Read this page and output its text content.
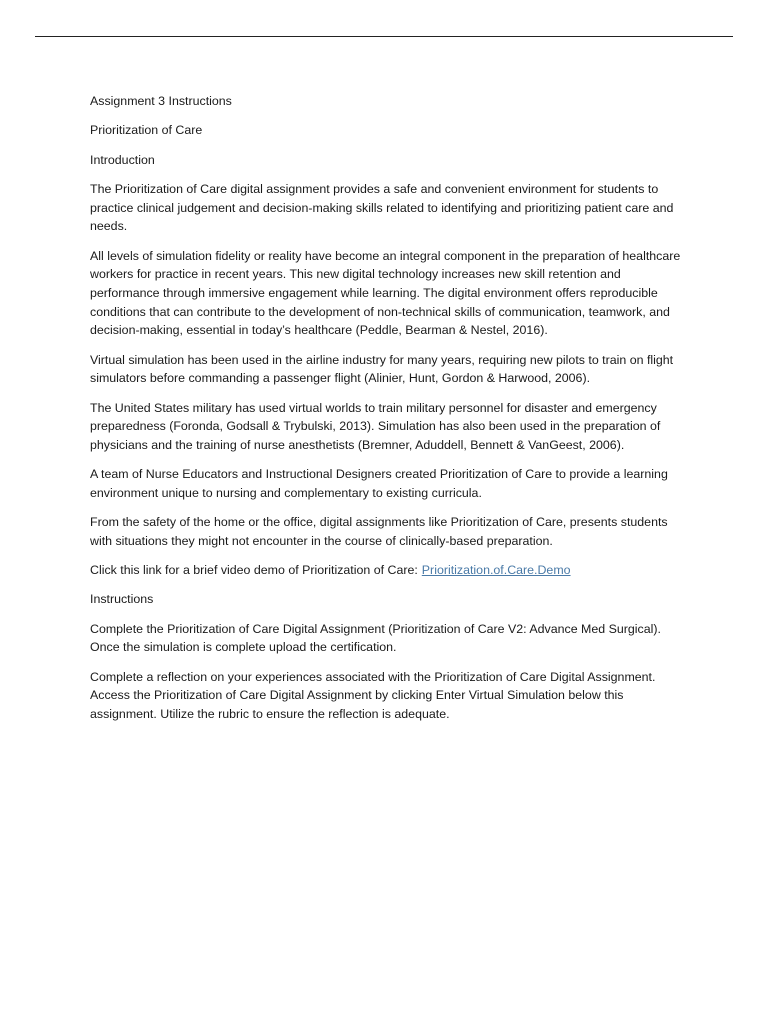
Assignment 3 Instructions

Prioritization of Care

Introduction

The Prioritization of Care digital assignment provides a safe and convenient environment for students to practice clinical judgement and decision-making skills related to identifying and prioritizing patient care and needs.

All levels of simulation fidelity or reality have become an integral component in the preparation of healthcare workers for practice in recent years. This new digital technology increases new skill retention and performance through immersive engagement while learning. The digital environment offers reproducible conditions that can contribute to the development of non-technical skills of communication, teamwork, and decision-making, essential in today’s healthcare (Peddle, Bearman & Nestel, 2016).

Virtual simulation has been used in the airline industry for many years, requiring new pilots to train on flight simulators before commanding a passenger flight (Alinier, Hunt, Gordon & Harwood, 2006).

The United States military has used virtual worlds to train military personnel for disaster and emergency preparedness (Foronda, Godsall & Trybulski, 2013). Simulation has also been used in the preparation of physicians and the training of nurse anesthetists (Bremner, Aduddell, Bennett & VanGeest, 2006).

A team of Nurse Educators and Instructional Designers created Prioritization of Care to provide a learning environment unique to nursing and complementary to existing curricula.

From the safety of the home or the office, digital assignments like Prioritization of Care, presents students with situations they might not encounter in the course of clinically-based preparation.

Click this link for a brief video demo of Prioritization of Care: Prioritization.of.Care.Demo

Instructions

Complete the Prioritization of Care Digital Assignment (Prioritization of Care V2: Advance Med Surgical). Once the simulation is complete upload the certification.

Complete a reflection on your experiences associated with the Prioritization of Care Digital Assignment. Access the Prioritization of Care Digital Assignment by clicking Enter Virtual Simulation below this assignment. Utilize the rubric to ensure the reflection is adequate.
